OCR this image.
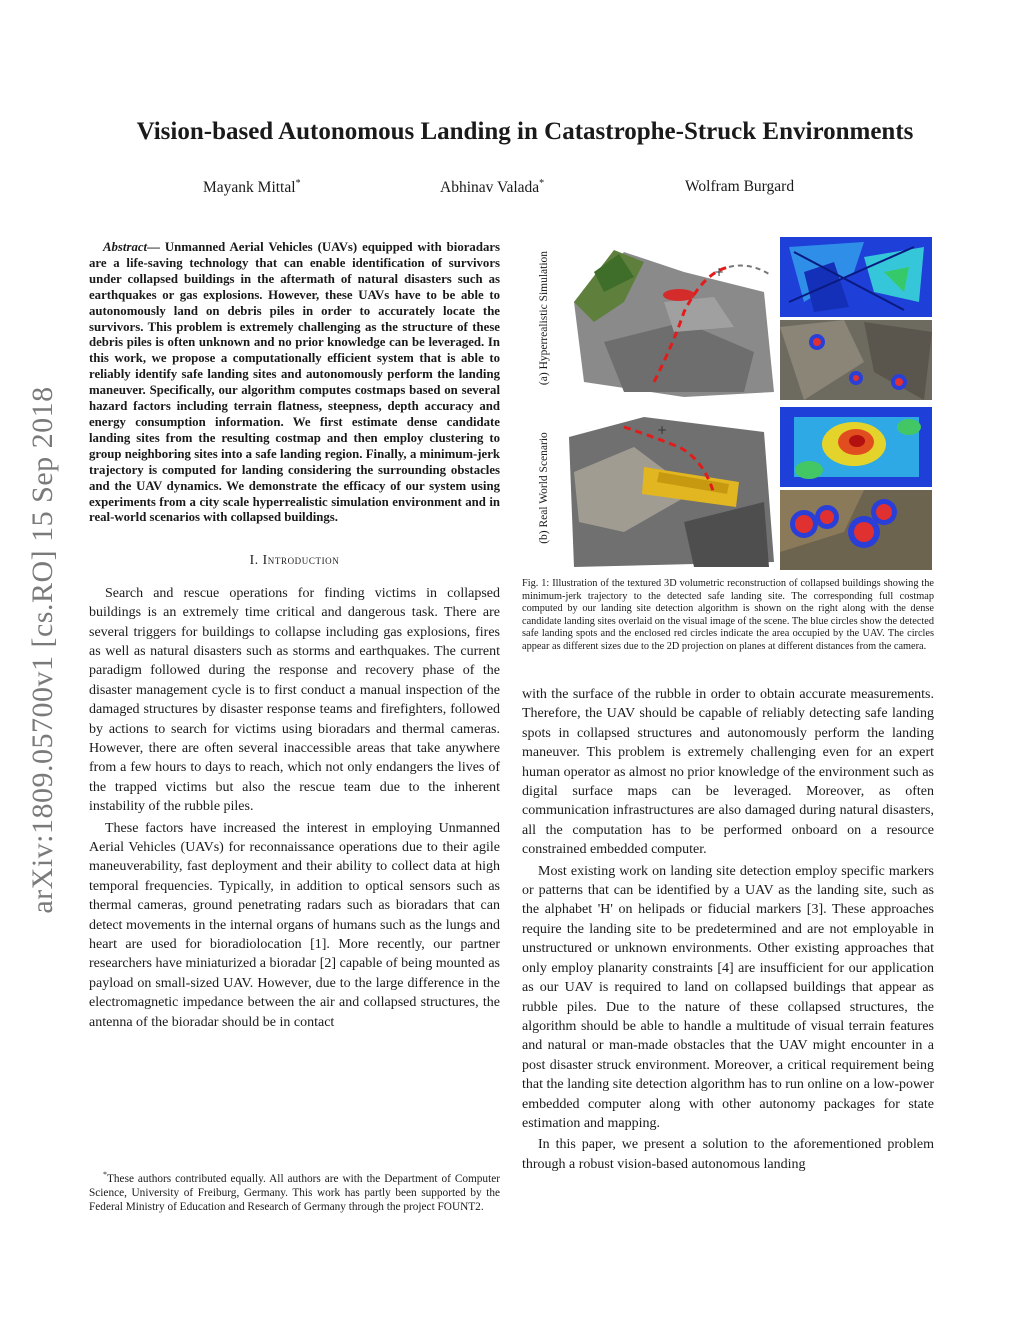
arXiv:1809.05700v1 [cs.RO] 15 Sep 2018
Vision-based Autonomous Landing in Catastrophe-Struck Environments
Mayank Mittal*	Abhinav Valada*	Wolfram Burgard

Abstract— Unmanned Aerial Vehicles (UAVs) equipped with bioradars are a life-saving technology that can enable identification of survivors under collapsed buildings in the aftermath of natural disasters such as earthquakes or gas explosions. However, these UAVs have to be able to autonomously land on debris piles in order to accurately locate the survivors. This problem is extremely challenging as the structure of these debris piles is often unknown and no prior knowledge can be leveraged. In this work, we propose a computationally efficient system that is able to reliably identify safe landing sites and autonomously perform the landing maneuver. Specifically, our algorithm computes costmaps based on several hazard factors including terrain flatness, steepness, depth accuracy and energy consumption information. We first estimate dense candidate landing sites from the resulting costmap and then employ clustering to group neighboring sites into a safe landing region. Finally, a minimum-jerk trajectory is computed for landing considering the surrounding obstacles and the UAV dynamics. We demonstrate the efficacy of our system using experiments from a city scale hyperrealistic simulation environment and in real-world scenarios with collapsed buildings.

I. Introduction

Search and rescue operations for finding victims in collapsed buildings is an extremely time critical and dangerous task. There are several triggers for buildings to collapse including gas explosions, fires as well as natural disasters such as storms and earthquakes. The current paradigm followed during the response and recovery phase of the disaster management cycle is to first conduct a manual inspection of the damaged structures by disaster response teams and firefighters, followed by actions to search for victims using bioradars and thermal cameras. However, there are often several inaccessible areas that take anywhere from a few hours to days to reach, which not only endangers the lives of the trapped victims but also the rescue team due to the inherent instability of the rubble piles.

These factors have increased the interest in employing Unmanned Aerial Vehicles (UAVs) for reconnaissance operations due to their agile maneuverability, fast deployment and their ability to collect data at high temporal frequencies. Typically, in addition to optical sensors such as thermal cameras, ground penetrating radars such as bioradars that can detect movements in the internal organs of humans such as the lungs and heart are used for bioradiolocation [1]. More recently, our partner researchers have miniaturized a bioradar [2] capable of being mounted as payload on small-sized UAV. However, due to the large difference in the electromagnetic impedance between the air and collapsed structures, the antenna of the bioradar should be in contact

*These authors contributed equally. All authors are with the Department of Computer Science, University of Freiburg, Germany. This work has partly been supported by the Federal Ministry of Education and Research of Germany through the project FOUNT2.

(a) Hyperrealistic Simulation
(b) Real World Scenario
+
+

Fig. 1: Illustration of the textured 3D volumetric reconstruction of collapsed buildings showing the minimum-jerk trajectory to the detected safe landing site. The corresponding full costmap computed by our landing site detection algorithm is shown on the right along with the dense candidate landing sites overlaid on the visual image of the scene. The blue circles show the detected safe landing spots and the enclosed red circles indicate the area occupied by the UAV. The circles appear as different sizes due to the 2D projection on planes at different distances from the camera.

with the surface of the rubble in order to obtain accurate measurements. Therefore, the UAV should be capable of reliably detecting safe landing spots in collapsed structures and autonomously perform the landing maneuver. This problem is extremely challenging even for an expert human operator as almost no prior knowledge of the environment such as digital surface maps can be leveraged. Moreover, as often communication infrastructures are also damaged during natural disasters, all the computation has to be performed onboard on a resource constrained embedded computer.

Most existing work on landing site detection employ specific markers or patterns that can be identified by a UAV as the landing site, such as the alphabet 'H' on helipads or fiducial markers [3]. These approaches require the landing site to be predetermined and are not employable in unstructured or unknown environments. Other existing approaches that only employ planarity constraints [4] are insufficient for our application as our UAV is required to land on collapsed buildings that appear as rubble piles. Due to the nature of these collapsed structures, the algorithm should be able to handle a multitude of visual terrain features and natural or man-made obstacles that the UAV might encounter in a post disaster struck environment. Moreover, a critical requirement being that the landing site detection algorithm has to run online on a low-power embedded computer along with other autonomy packages for state estimation and mapping.

In this paper, we present a solution to the aforementioned problem through a robust vision-based autonomous landing
